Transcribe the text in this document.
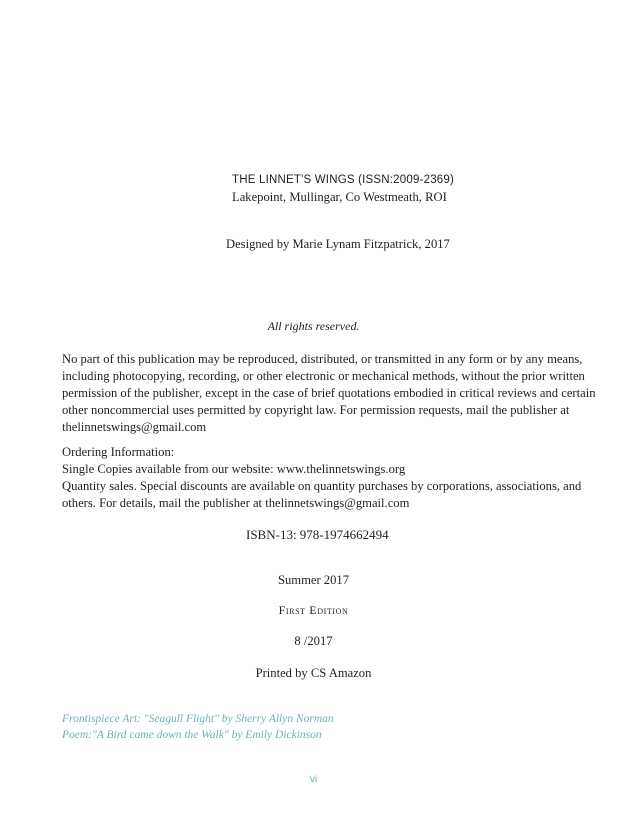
THE LINNET'S WINGS (ISSN:2009-2369)
Lakepoint, Mullingar, Co Westmeath, ROI
Designed by Marie Lynam Fitzpatrick, 2017
All rights reserved.
No part of this publication may be reproduced, distributed, or transmitted in any form or by any means,
including photocopying, recording, or other electronic or mechanical methods, without the prior written
permission of the publisher, except in the case of brief quotations embodied in critical reviews and certain
other noncommercial uses permitted by copyright law. For permission requests, mail the publisher at
thelinnetswings@gmail.com
Ordering Information:
Single Copies available from our website: www.thelinnetswings.org
Quantity sales. Special discounts are available on quantity purchases by corporations, associations, and
others. For details, mail the publisher at thelinnetswings@gmail.com
ISBN-13: 978-1974662494
Summer 2017
First Edition
8 /2017
Printed by CS Amazon
Frontispiece Art: "Seagull Flight" by Sherry Allyn Norman
Poem:"A Bird came down the Walk" by Emily Dickinson
vi
